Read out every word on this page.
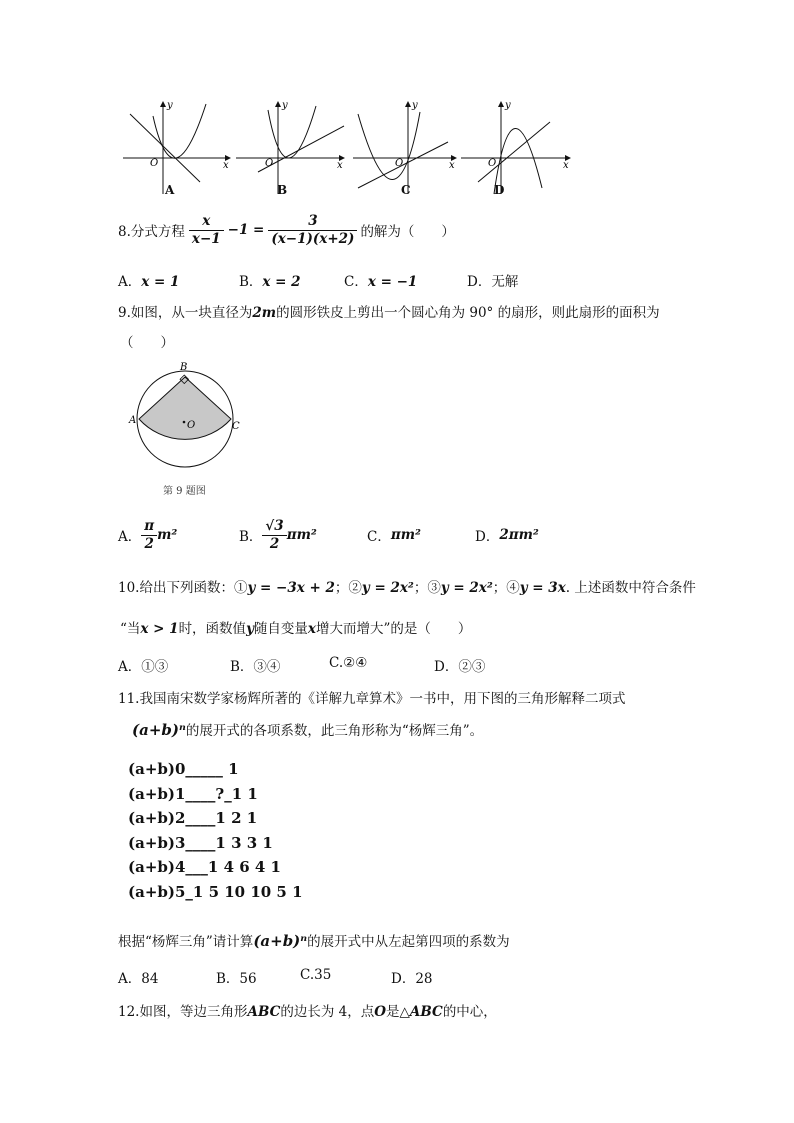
y
x
O
y
x
O
y
x
O
y
x
O
A	B	C	D
8.分式方程 $\frac{x}{x-1} -1 = \frac{3}{(x-1)(x+2)}$ 的解为（　　）
A．x = 1	B．x = 2	C．x = −1	D．无解
9.如图，从一块直径为2m的圆形铁皮上剪出一个圆心角为 90° 的扇形，则此扇形的面积为
（　　）
B
A
C
O
第 9 题图
A． $\frac{\pi}{2} m^2$	B． $\frac{√3}{2} \pi m^2$	C． πm²	D． 2πm²
10.给出下列函数：①y = −3x + 2；②y = 2x²；③y = 2x²；④y = 3x. 上述函数中符合条件
“当x > 1时，函数值y随自变量x增大而增大”的是（　　）
A．①③	B．③④	C.②④	D．②③
11.我国南宋数学家杨辉所著的《详解九章算术》一书中，用下图的三角形解释二项式
(a+b)ⁿ的展开式的各项系数，此三角形称为“杨辉三角”。
(a+b)0_____ 1
(a+b)1____?_1 1
(a+b)2____1 2 1
(a+b)3____1 3 3 1
(a+b)4___1 4 6 4 1
(a+b)5_1 5 10 10 5 1
根据“杨辉三角”请计算(a+b)ⁿ的展开式中从左起第四项的系数为
A．84	B．56	C.35	D．28
12.如图，等边三角形ABC的边长为 4，点O是△ABC的中心，
